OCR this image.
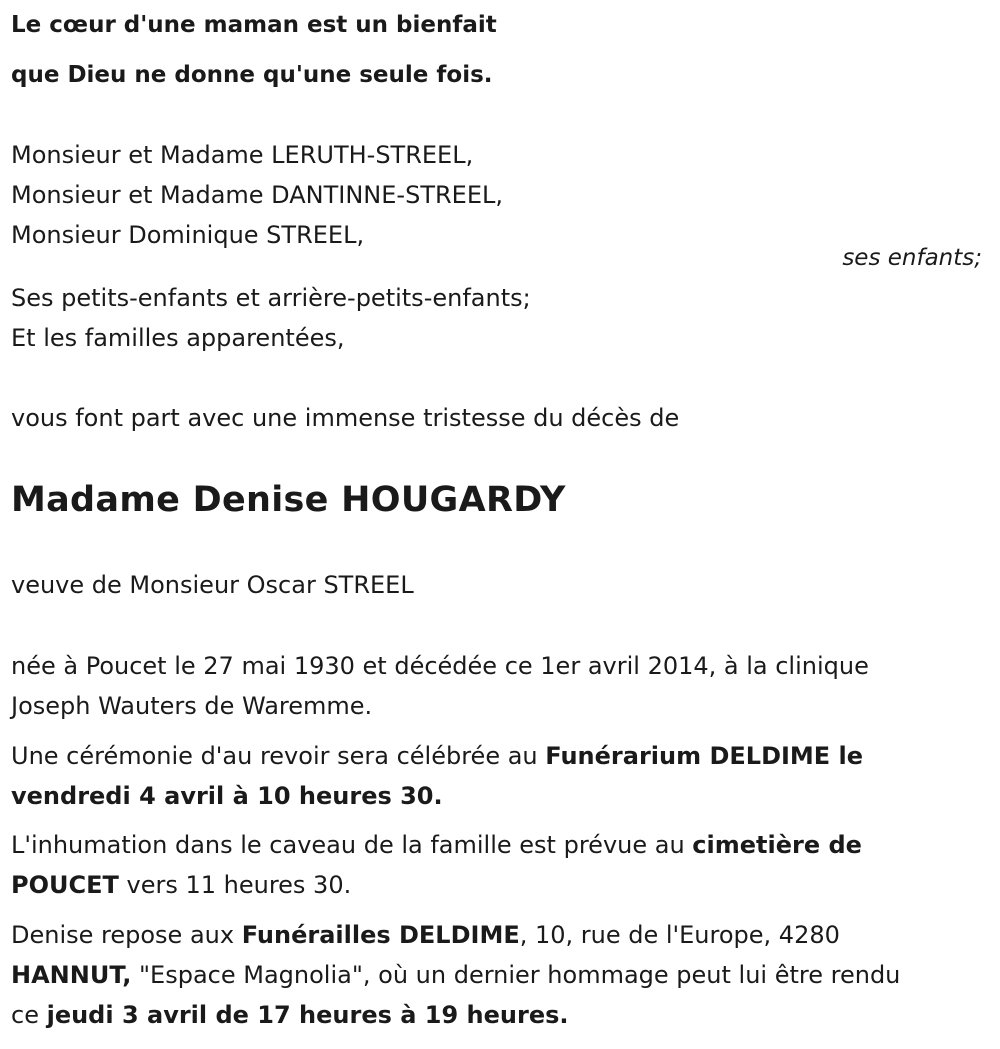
Le cœur d'une maman est un bienfait
que Dieu ne donne qu'une seule fois.
Monsieur et Madame LERUTH-STREEL,
Monsieur et Madame DANTINNE-STREEL,
Monsieur Dominique STREEL,
ses enfants;
Ses petits-enfants et arrière-petits-enfants;
Et les familles apparentées,
vous font part avec une immense tristesse du décès de
Madame Denise HOUGARDY
veuve de Monsieur Oscar STREEL
née à Poucet le 27 mai 1930 et décédée ce 1er avril 2014, à la clinique
Joseph Wauters de Waremme.
Une cérémonie d'au revoir sera célébrée au Funérarium DELDIME le
vendredi 4 avril à 10 heures 30.
L'inhumation dans le caveau de la famille est prévue au cimetière de
POUCET vers 11 heures 30.
Denise repose aux Funérailles DELDIME, 10, rue de l'Europe, 4280
HANNUT, "Espace Magnolia", où un dernier hommage peut lui être rendu
ce jeudi 3 avril de 17 heures à 19 heures.
